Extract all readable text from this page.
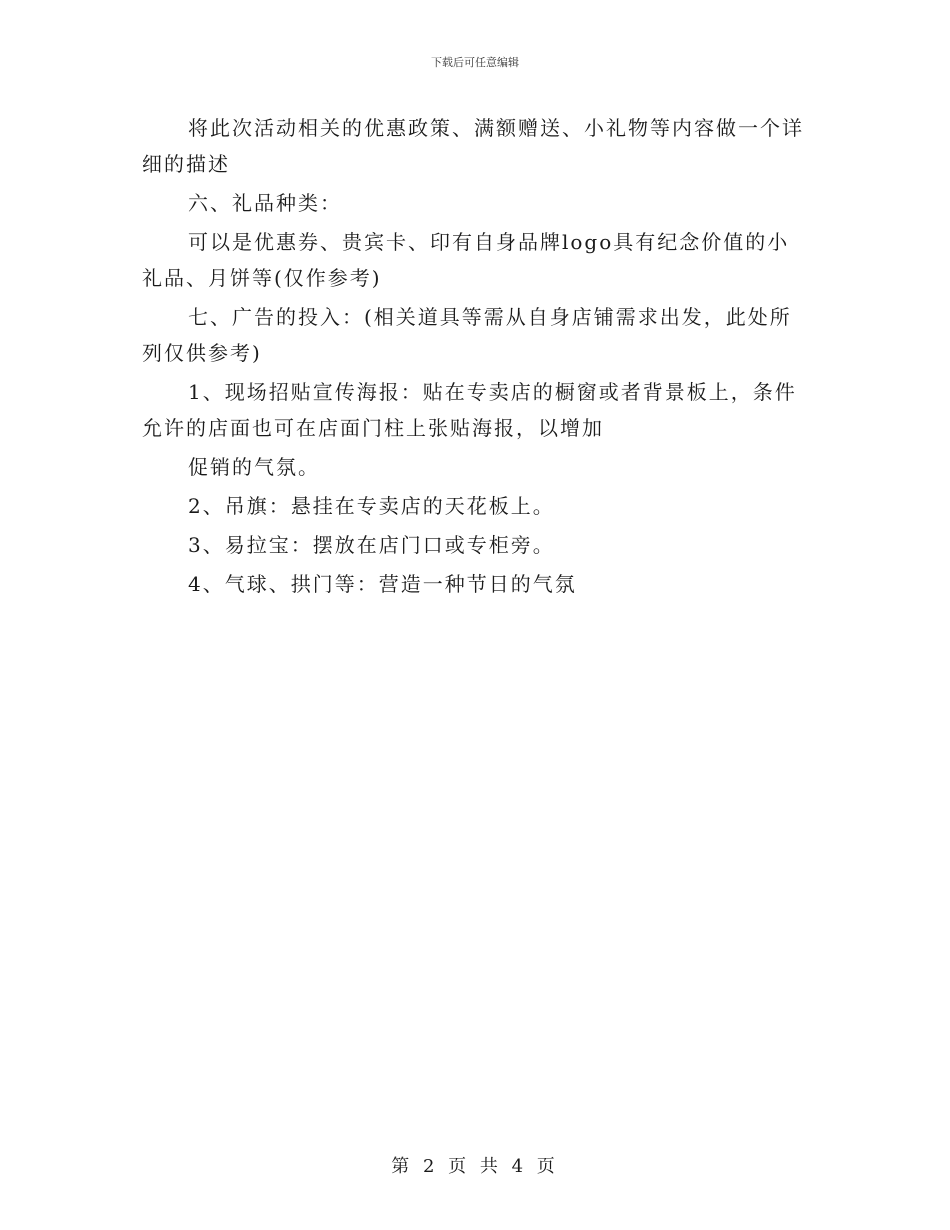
下载后可任意编辑

将此次活动相关的优惠政策、满额赠送、小礼物等内容做一个详细的描述

六、礼品种类：

可以是优惠券、贵宾卡、印有自身品牌logo具有纪念价值的小礼品、月饼等(仅作参考)

七、广告的投入：(相关道具等需从自身店铺需求出发，此处所列仅供参考)

1、现场招贴宣传海报：贴在专卖店的橱窗或者背景板上，条件允许的店面也可在店面门柱上张贴海报，以增加

促销的气氛。

2、吊旗：悬挂在专卖店的天花板上。

3、易拉宝：摆放在店门口或专柜旁。

4、气球、拱门等：营造一种节日的气氛

第 2 页 共 4 页
